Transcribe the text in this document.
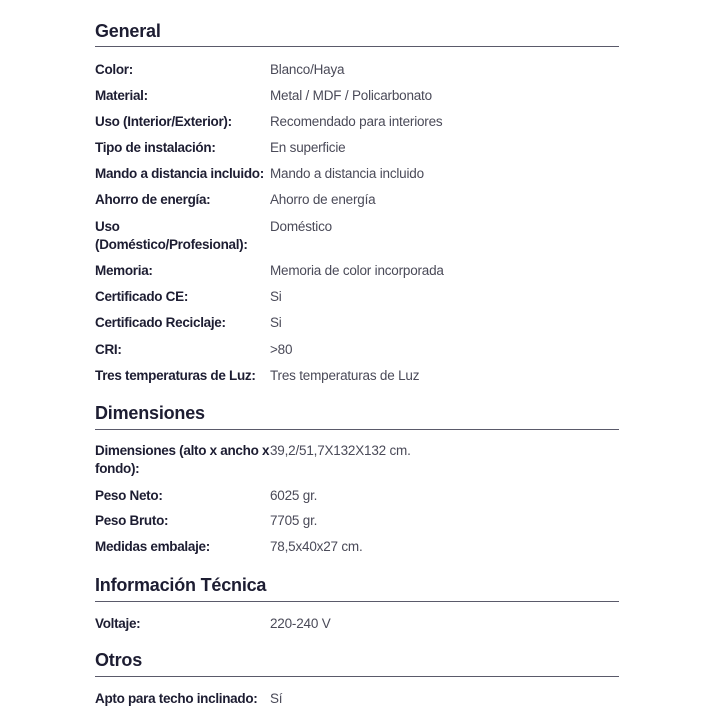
General
Color:	Blanco/Haya
Material:	Metal / MDF / Policarbonato
Uso (Interior/Exterior):	Recomendado para interiores
Tipo de instalación:	En superficie
Mando a distancia incluido: Mando a distancia incluido
Ahorro de energía:	Ahorro de energía
Uso (Doméstico/Profesional):
Doméstico
Memoria:	Memoria de color incorporada
Certificado CE:	Si
Certificado Reciclaje:	Si
CRI:	>80
Tres temperaturas de Luz:	Tres temperaturas de Luz
Dimensiones
Dimensiones (alto x ancho x fondo):
39,2/51,7X132X132 cm.
Peso Neto:	6025 gr.
Peso Bruto:	7705 gr.
Medidas embalaje:	78,5x40x27 cm.
Información Técnica
Voltaje:	220-240 V
Otros
Apto para techo inclinado: Sí
